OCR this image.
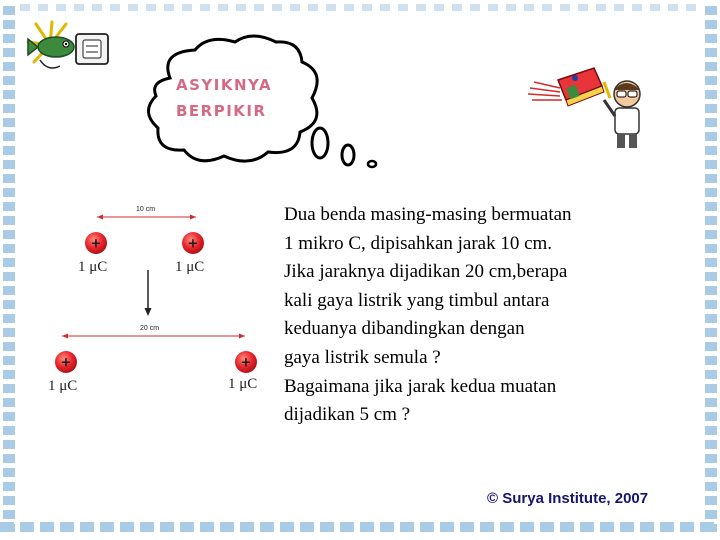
+	+
+	+
10 cm
20 cm
1 μC	1 μC
1 μC	1 μC
ASYIKNYA
BERPIKIR
Dua benda masing-masing bermuatan
1 mikro C, dipisahkan jarak 10 cm.
Jika jaraknya dijadikan 20 cm,berapa
kali gaya listrik yang timbul antara
keduanya dibandingkan dengan
gaya listrik semula ?
Bagaimana jika jarak kedua muatan
dijadikan 5 cm ?
© Surya Institute, 2007
